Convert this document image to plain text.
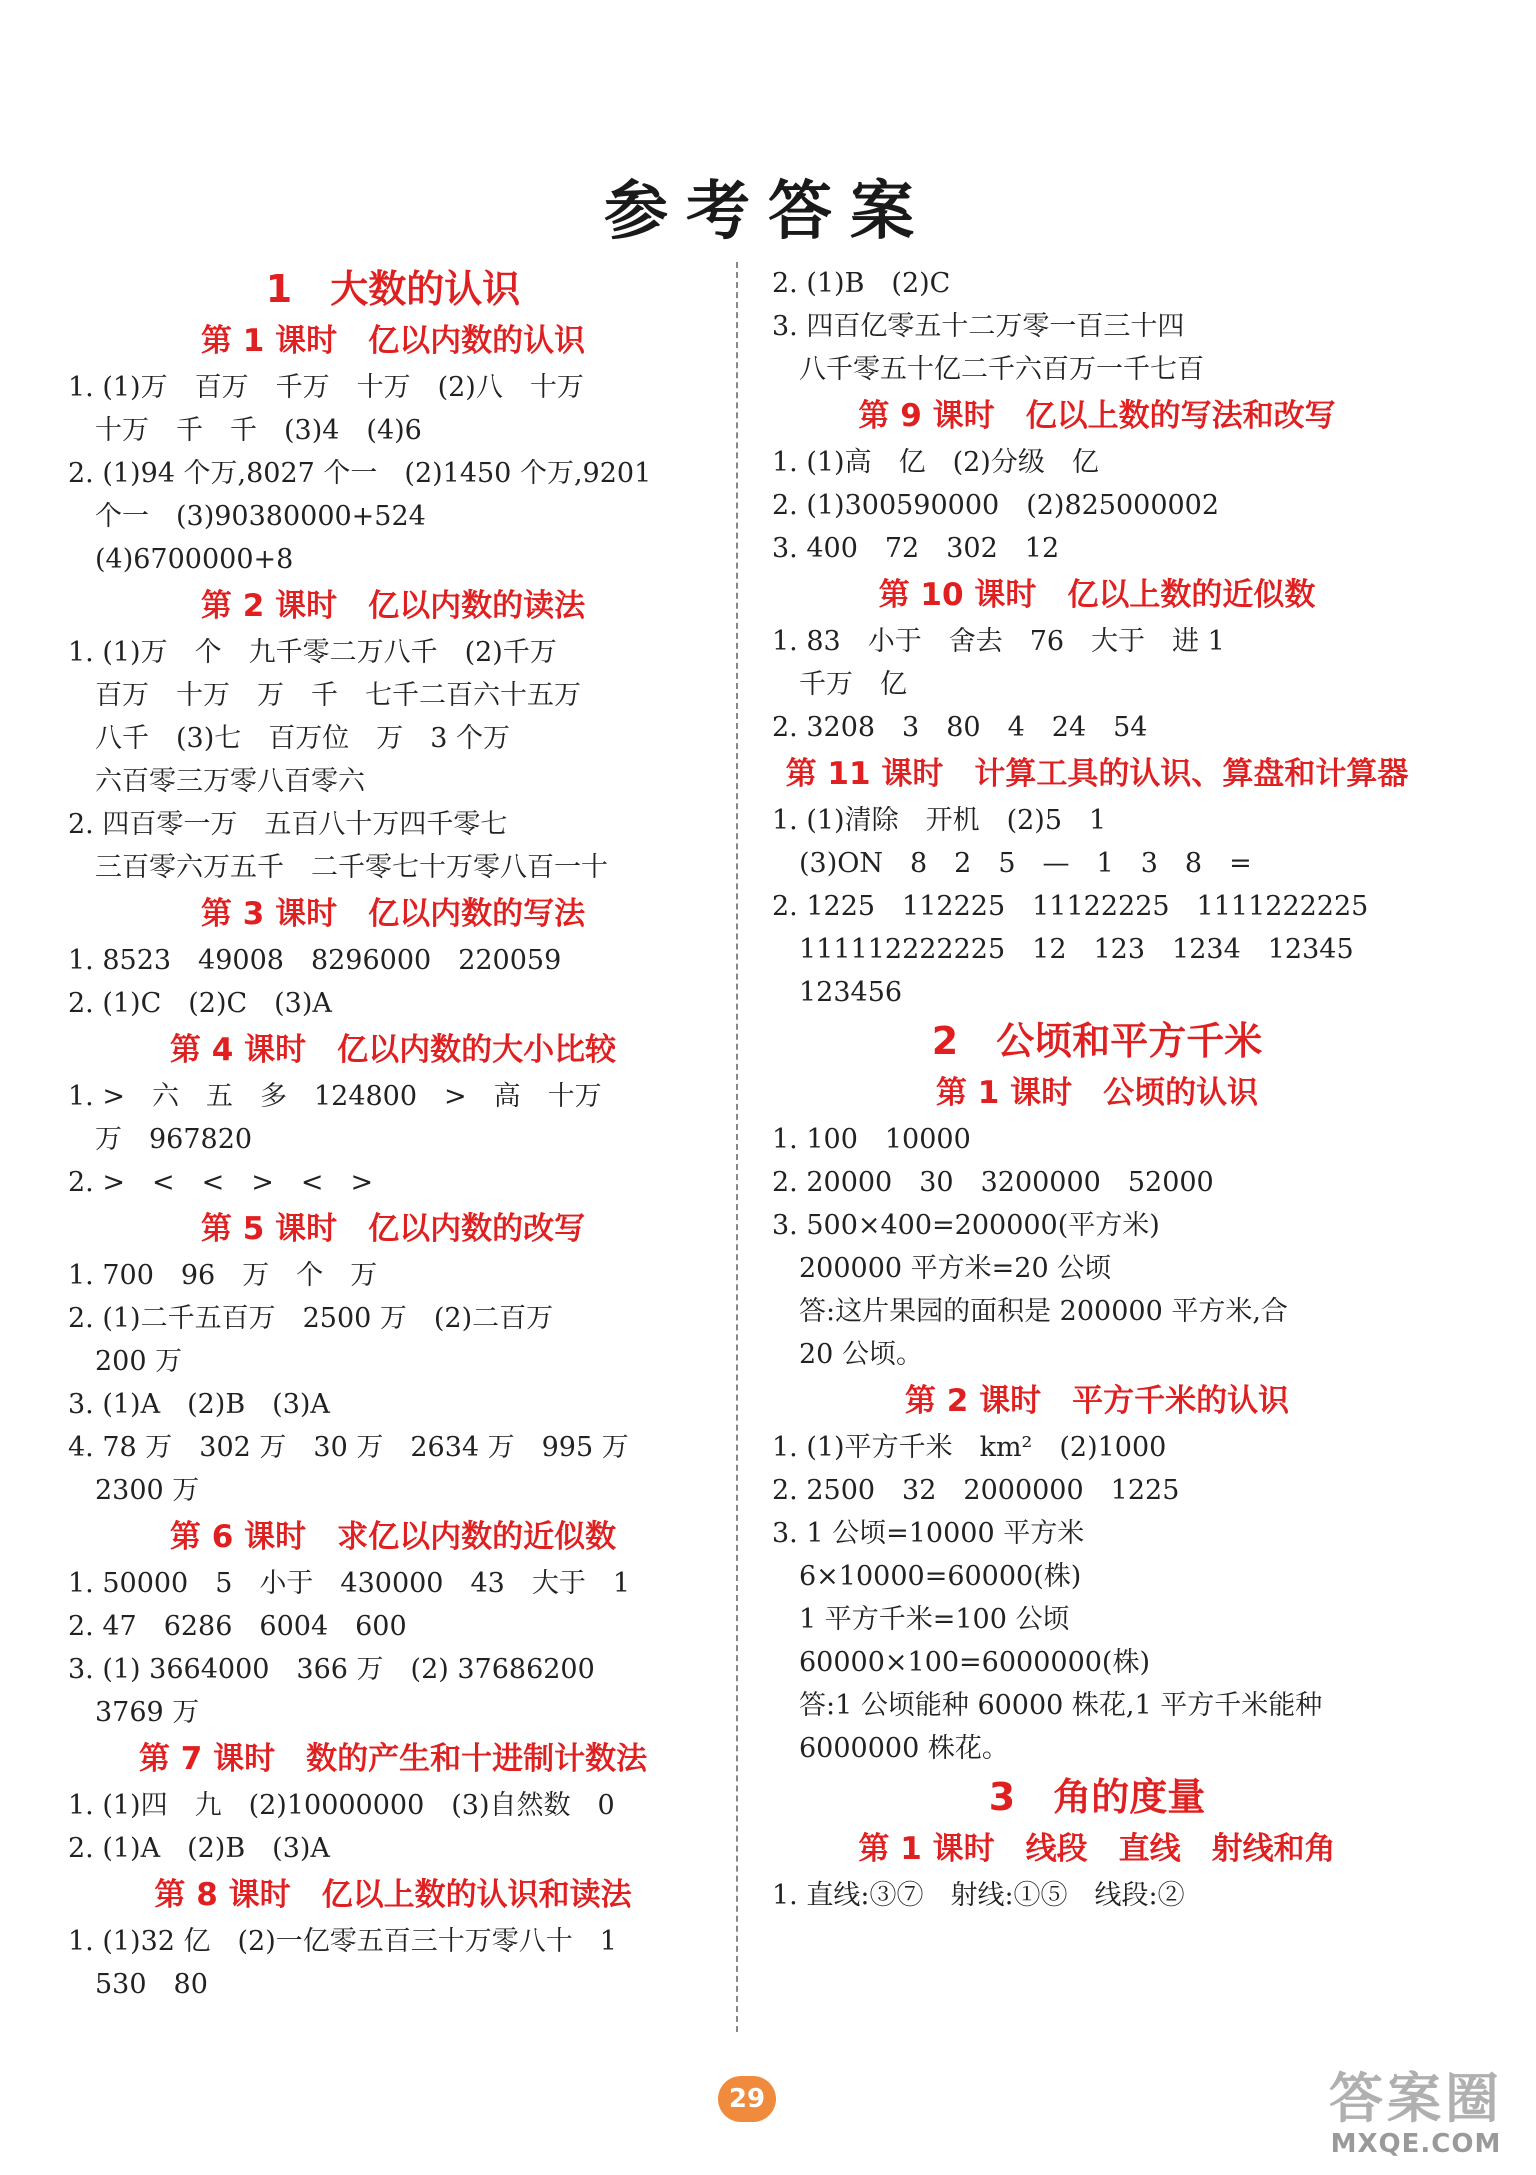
参考答案
1　大数的认识
第 1 课时　亿以内数的认识
1. (1)万　百万　千万　十万　(2)八　十万
　十万　千　千　(3)4　(4)6
2. (1)94 个万,8027 个一　(2)1450 个万,9201
　个一　(3)90380000+524
　(4)6700000+8
第 2 课时　亿以内数的读法
1. (1)万　个　九千零二万八千　(2)千万
　百万　十万　万　千　七千二百六十五万
　八千　(3)七　百万位　万　3 个万
　六百零三万零八百零六
2. 四百零一万　五百八十万四千零七
　三百零六万五千　二千零七十万零八百一十
第 3 课时　亿以内数的写法
1. 8523　49008　8296000　220059
2. (1)C　(2)C　(3)A
第 4 课时　亿以内数的大小比较
1. >　六　五　多　124800　>　高　十万
　万　967820
2. >　<　<　>　<　>
第 5 课时　亿以内数的改写
1. 700　96　万　个　万
2. (1)二千五百万　2500 万　(2)二百万
　200 万
3. (1)A　(2)B　(3)A
4. 78 万　302 万　30 万　2634 万　995 万
　2300 万
第 6 课时　求亿以内数的近似数
1. 50000　5　小于　430000　43　大于　1
2. 47　6286　6004　600
3. (1) 3664000　366 万　(2) 37686200
　3769 万
第 7 课时　数的产生和十进制计数法
1. (1)四　九　(2)10000000　(3)自然数　0
2. (1)A　(2)B　(3)A
第 8 课时　亿以上数的认识和读法
1. (1)32 亿　(2)一亿零五百三十万零八十　1
　530　80
2. (1)B　(2)C
3. 四百亿零五十二万零一百三十四
　八千零五十亿二千六百万一千七百
第 9 课时　亿以上数的写法和改写
1. (1)高　亿　(2)分级　亿
2. (1)300590000　(2)825000002
3. 400　72　302　12
第 10 课时　亿以上数的近似数
1. 83　小于　舍去　76　大于　进 1
　千万　亿
2. 3208　3　80　4　24　54
第 11 课时　计算工具的认识、算盘和计算器
1. (1)清除　开机　(2)5　1
　(3)ON　8　2　5　—　1　3　8　=
2. 1225　112225　11122225　1111222225
　111112222225　12　123　1234　12345
　123456
2　公顷和平方千米
第 1 课时　公顷的认识
1. 100　10000
2. 20000　30　3200000　52000
3. 500×400=200000(平方米)
　200000 平方米=20 公顷
　答:这片果园的面积是 200000 平方米,合
　20 公顷。
第 2 课时　平方千米的认识
1. (1)平方千米　km²　(2)1000
2. 2500　32　2000000　1225
3. 1 公顷=10000 平方米
　6×10000=60000(株)
　1 平方千米=100 公顷
　60000×100=6000000(株)
　答:1 公顷能种 60000 株花,1 平方千米能种
　6000000 株花。
3　角的度量
第 1 课时　线段　直线　射线和角
1. 直线:③⑦　射线:①⑤　线段:②
29	答案圈
MXQE.COM
